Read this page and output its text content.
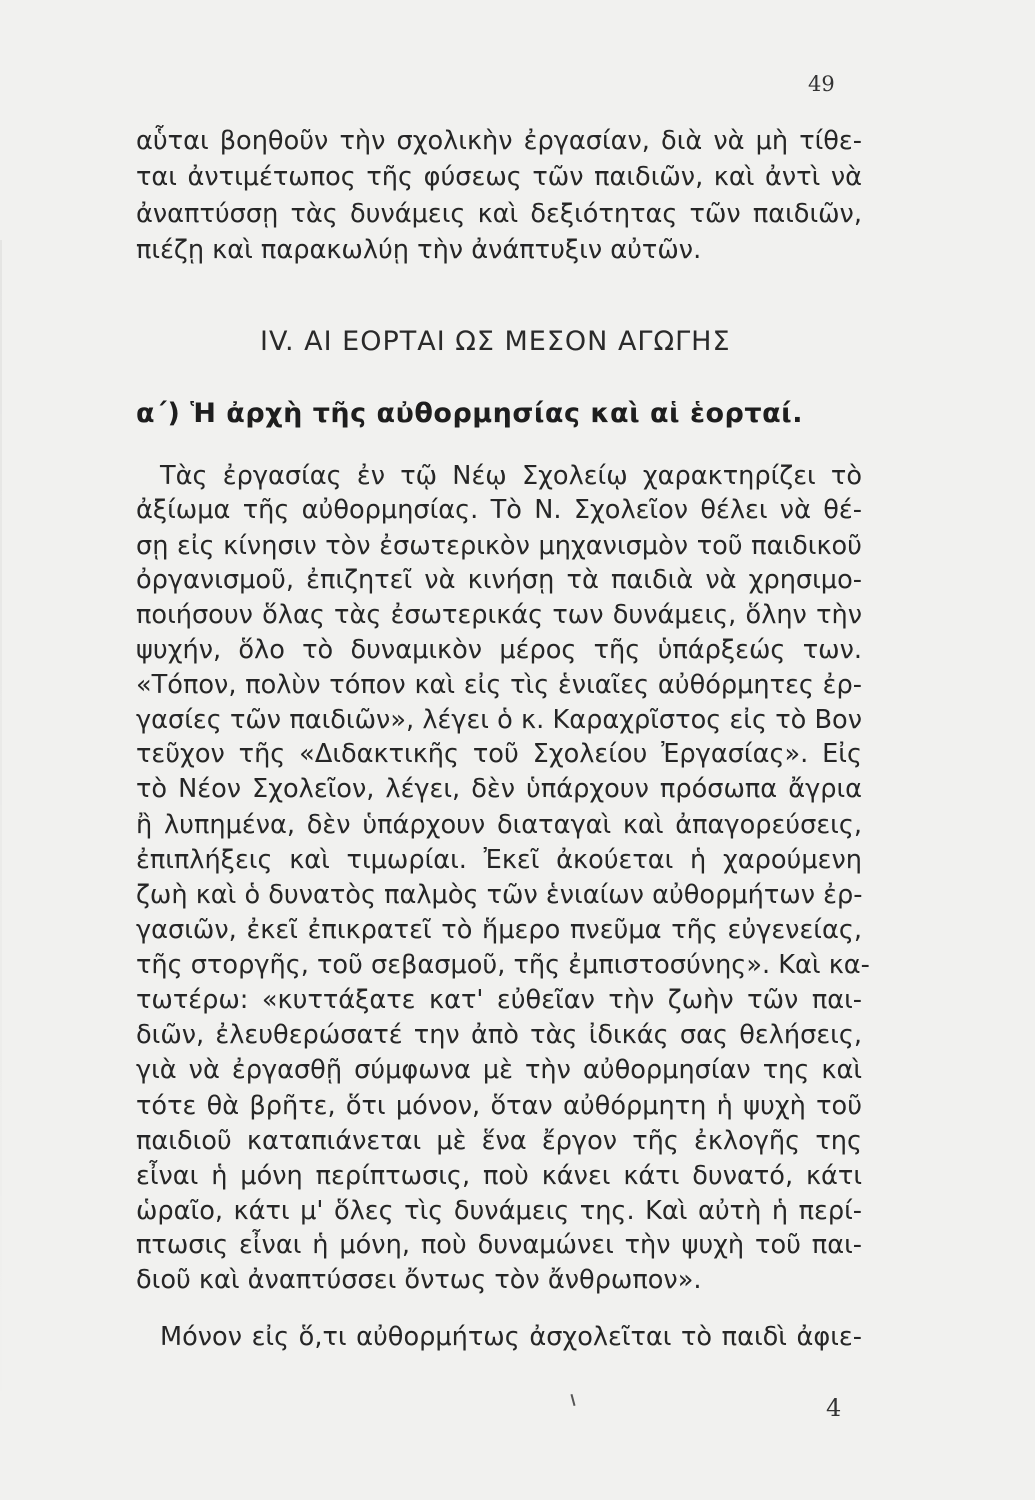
49
αὗται βοηθοῦν τὴν σχολικὴν ἐργασίαν, διὰ νὰ μὴ τίθε-
ται ἀντιμέτωπος τῆς φύσεως τῶν παιδιῶν, καὶ ἀντὶ νὰ
ἀναπτύσσῃ τὰς δυνάμεις καὶ δεξιότητας τῶν παιδιῶν,
πιέζῃ καὶ παρακωλύῃ τὴν ἀνάπτυξιν αὐτῶν.
IV. ΑΙ ΕΟΡΤΑΙ ΩΣ ΜΕΣΟΝ ΑΓΩΓΗΣ
α΄) Ἡ ἀρχὴ τῆς αὐθορμησίας καὶ αἱ ἑορταί.
Τὰς ἐργασίας ἐν τῷ Νέῳ Σχολείῳ χαρακτηρίζει τὸ
ἀξίωμα τῆς αὐθορμησίας. Τὸ Ν. Σχολεῖον θέλει νὰ θέ-
σῃ εἰς κίνησιν τὸν ἐσωτερικὸν μηχανισμὸν τοῦ παιδικοῦ
ὀργανισμοῦ, ἐπιζητεῖ νὰ κινήσῃ τὰ παιδιὰ νὰ χρησιμο-
ποιήσουν ὅλας τὰς ἐσωτερικάς των δυνάμεις, ὅλην τὴν
ψυχήν, ὅλο τὸ δυναμικὸν μέρος τῆς ὑπάρξεώς των.
«Τόπον, πολὺν τόπον καὶ εἰς τὶς ἑνιαῖες αὐθόρμητες ἐρ-
γασίες τῶν παιδιῶν», λέγει ὁ κ. Καραχρῖστος εἰς τὸ Βον
τεῦχον τῆς «Διδακτικῆς τοῦ Σχολείου Ἐργασίας». Εἰς
τὸ Νέον Σχολεῖον, λέγει, δὲν ὑπάρχουν πρόσωπα ἄγρια
ἢ λυπημένα, δὲν ὑπάρχουν διαταγαὶ καὶ ἀπαγορεύσεις,
ἐπιπλήξεις καὶ τιμωρίαι. Ἐκεῖ ἀκούεται ἡ χαρούμενη
ζωὴ καὶ ὁ δυνατὸς παλμὸς τῶν ἑνιαίων αὐθορμήτων ἐρ-
γασιῶν, ἐκεῖ ἐπικρατεῖ τὸ ἥμερο πνεῦμα τῆς εὐγενείας,
τῆς στοργῆς, τοῦ σεβασμοῦ, τῆς ἐμπιστοσύνης». Καὶ κα-
τωτέρω: «κυττάξατε κατ' εὐθεῖαν τὴν ζωὴν τῶν παι-
διῶν, ἐλευθερώσατέ την ἀπὸ τὰς ἰδικάς σας θελήσεις,
γιὰ νὰ ἐργασθῇ σύμφωνα μὲ τὴν αὐθορμησίαν της καὶ
τότε θὰ βρῆτε, ὅτι μόνον, ὅταν αὐθόρμητη ἡ ψυχὴ τοῦ
παιδιοῦ καταπιάνεται μὲ ἕνα ἔργον τῆς ἐκλογῆς της
εἶναι ἡ μόνη περίπτωσις, ποὺ κάνει κάτι δυνατό, κάτι
ὡραῖο, κάτι μ' ὅλες τὶς δυνάμεις της. Καὶ αὐτὴ ἡ περί-
πτωσις εἶναι ἡ μόνη, ποὺ δυναμώνει τὴν ψυχὴ τοῦ παι-
διοῦ καὶ ἀναπτύσσει ὄντως τὸν ἄνθρωπον».
Μόνον εἰς ὅ,τι αὐθορμήτως ἀσχολεῖται τὸ παιδὶ ἀφιε-
4
